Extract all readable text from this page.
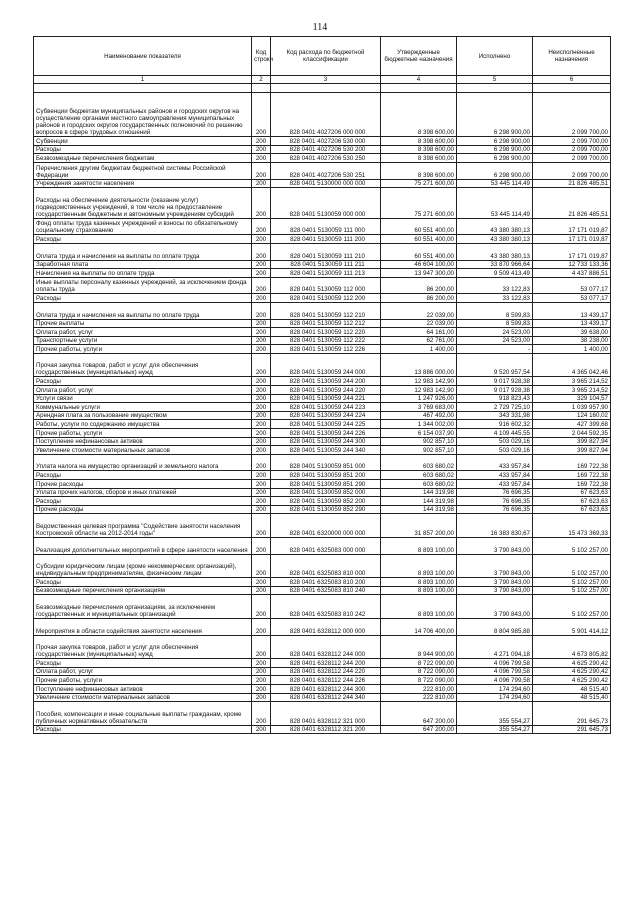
114
Наименование показателя	Код строки	Код расхода по бюджетной классификации	Утвержденные бюджетные назначения	Исполнено	Неисполненные назначения
1	2	3	4	5	6

Субвенции бюджетам муниципальных районов и городских округов на осуществление органами местного самоуправления муниципальных районов и городских округов государственных полномочий по решению вопросов в сфере трудовых отношений	200	828 0401 4027206 000 000	8 398 600,00	6 298 900,00	2 099 700,00
Субвенции	200	828 0401 4027206 530 000	8 398 600,00	6 298 900,00	2 099 700,00
Расходы	200	828 0401 4027206 530 200	8 398 600,00	6 298 900,00	2 099 700,00
Безвозмездные перечисления бюджетам	200	828 0401 4027206 530 250	8 398 600,00	6 298 900,00	2 099 700,00
Перечисления другим бюджетам бюджетной системы Российской Федерации	200	828 0401 4027206 530 251	8 398 600,00	6 298 900,00	2 099 700,00
Учреждения занятости населения	200	828 0401 5130000 000 000	75 271 600,00	53 445 114,49	21 826 485,51
Расходы на обеспечение деятельности (оказание услуг) подведомственных учреждений, в том числе на предоставление государственным бюджетным и автономным учреждениям субсидий	200	828 0401 5130059 000 000	75 271 600,00	53 445 114,49	21 826 485,51
Фонд оплаты труда казенных учреждений и взносы по обязательному социальному страхованию	200	828 0401 5130059 111 000	60 551 400,00	43 380 380,13	17 171 019,87
Расходы	200	828 0401 5130059 111 200	60 551 400,00	43 380 380,13	17 171 019,87
Оплата труда и начисления на выплаты по оплате труда	200	828 0401 5130059 111 210	60 551 400,00	43 380 380,13	17 171 019,87
Заработная плата	200	828 0401 5130059 111 211	46 604 100,00	33 870 966,64	12 733 133,36
Начисления на выплаты по оплате труда	200	828 0401 5130059 111 213	13 947 300,00	9 509 413,49	4 437 886,51
Иные выплаты персоналу казенных учреждений, за исключением фонда оплаты труда	200	828 0401 5130059 112 000	86 200,00	33 122,83	53 077,17
Расходы	200	828 0401 5130059 112 200	86 200,00	33 122,83	53 077,17
Оплата труда и начисления на выплаты по оплате труда	200	828 0401 5130059 112 210	22 039,00	8 599,83	13 439,17
Прочие выплаты	200	828 0401 5130059 112 212	22 039,00	8 599,83	13 439,17
Оплата работ, услуг	200	828 0401 5130059 112 220	64 161,00	24 523,00	39 638,00
Транспортные услуги	200	828 0401 5130059 112 222	62 761,00	24 523,00	38 238,00
Прочие работы, услуги	200	828 0401 5130059 112 226	1 400,00	-	1 400,00
Прочая закупка товаров, работ и услуг для обеспечения государственных (муниципальных) нужд	200	828 0401 5130059 244 000	13 886 000,00	9 520 957,54	4 365 042,46
Расходы	200	828 0401 5130059 244 200	12 983 142,90	9 017 928,38	3 965 214,52
Оплата работ, услуг	200	828 0401 5130059 244 220	12 983 142,90	9 017 928,38	3 965 214,52
Услуги связи	200	828 0401 5130059 244 221	1 247 926,00	918 823,43	329 104,57
Коммунальные услуги	200	828 0401 5130059 244 223	3 769 683,00	2 729 725,10	1 039 957,90
Арендная плата за пользование имуществом	200	828 0401 5130059 244 224	467 492,00	343 331,98	124 160,02
Работы, услуги по содержанию имущества	200	828 0401 5130059 244 225	1 344 002,00	916 602,32	427 399,68
Прочие работы, услуги	200	828 0401 5130059 244 226	6 154 037,90	4 109 445,55	2 044 592,35
Поступление нефинансовых активов	200	828 0401 5130059 244 300	902 857,10	503 029,16	399 827,94
Увеличение стоимости материальных запасов	200	828 0401 5130059 244 340	902 857,10	503 029,16	399 827,94
Уплата налога на имущество организаций и земельного налога	200	828 0401 5130059 851 000	603 680,02	433 957,84	169 722,38
Расходы	200	828 0401 5130059 851 200	603 680,02	433 957,84	169 722,38
Прочие расходы	200	828 0401 5130059 851 290	603 680,02	433 957,84	169 722,38
Уплата прочих налогов, сборов и иных платежей	200	828 0401 5130059 852 000	144 319,98	76 696,35	67 623,63
Расходы	200	828 0401 5130059 852 200	144 319,98	76 696,35	67 623,63
Прочие расходы	200	828 0401 5130059 852 290	144 319,98	76 696,35	67 623,63
Ведомственная целевая программа "Содействие занятости населения Костромской области на 2012-2014 годы"	200	828 0401 6320000 000 000	31 857 200,00	16 383 830,67	15 473 369,33
Реализация дополнительных мероприятий в сфере занятости населения	200	828 0401 6325083 000 000	8 893 100,00	3 790 843,00	5 102 257,00
Субсидии юридическим лицам (кроме некоммерческих организаций), индивидуальным предпринимателям, физическим лицам	200	828 0401 6325083 810 000	8 893 100,00	3 790 843,00	5 102 257,00
Расходы	200	828 0401 6325083 810 200	8 893 100,00	3 790 843,00	5 102 257,00
Безвозмездные перечисления организациям	200	828 0401 6325083 810 240	8 893 100,00	3 790 843,00	5 102 257,00
Безвозмездные перечисления организациям, за исключением государственных и муниципальных организаций	200	828 0401 6325083 810 242	8 893 100,00	3 790 843,00	5 102 257,00
Мероприятия в области содействия занятости населения	200	828 0401 6328112 000 000	14 706 400,00	8 804 985,88	5 901 414,12
Прочая закупка товаров, работ и услуг для обеспечения государственных (муниципальных) нужд	200	828 0401 6328112 244 000	8 944 900,00	4 271 094,18	4 673 805,82
Расходы	200	828 0401 6328112 244 200	8 722 090,00	4 096 799,58	4 625 290,42
Оплата работ, услуг	200	828 0401 6328112 244 220	8 722 090,00	4 096 799,58	4 625 290,42
Прочие работы, услуги	200	828 0401 6328112 244 226	8 722 090,00	4 096 799,58	4 625 290,42
Поступление нефинансовых активов	200	828 0401 6328112 244 300	222 810,00	174 294,60	48 515,40
Увеличение стоимости материальных запасов	200	828 0401 6328112 244 340	222 810,00	174 294,60	48 515,40
Пособия, компенсации и иные социальные выплаты гражданам, кроме публичных нормативных обязательств	200	828 0401 6328112 321 000	647 200,00	355 554,27	291 645,73
Расходы	200	828 0401 6328112 321 200	647 200,00	355 554,27	291 645,73
